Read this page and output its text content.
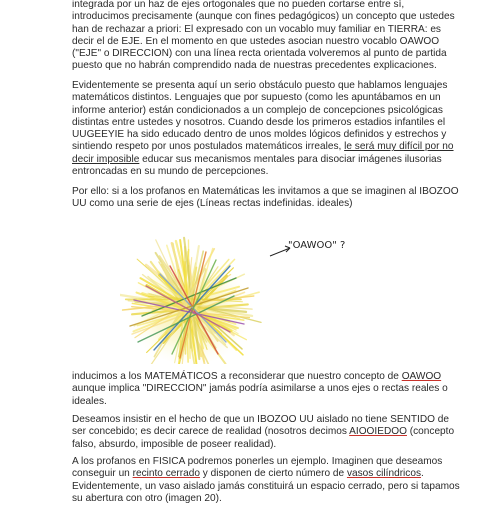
integrada por un haz de ejes ortogonales que no pueden cortarse entre sí,
introducimos precisamente (aunque con fines pedagógicos) un concepto que ustedes
han de rechazar a priori: El expresado con un vocablo muy familiar en TIERRA: es
decir el de EJE. En el momento en que ustedes asocian nuestro vocablo OAWOO
("EJE" o DIRECCION) con una línea recta orientada volveremos al punto de partida
puesto que no habrán comprendido nada de nuestras precedentes explicaciones.

Evidentemente se presenta aquí un serio obstáculo puesto que hablamos lenguajes
matemáticos distintos. Lenguajes que por supuesto (como les apuntábamos en un
informe anterior) están condicionados a un complejo de concepciones psicológicas
distintas entre ustedes y nosotros. Cuando desde los primeros estadios infantiles el
UUGEEYIE ha sido educado dentro de unos moldes lógicos definidos y estrechos y
sintiendo respeto por unos postulados matemáticos irreales, le será muy difícil por no
decir imposible educar sus mecanismos mentales para disociar imágenes ilusorias
entroncadas en su mundo de percepciones.

Por ello: si a los profanos en Matemáticas les invitamos a que se imaginen al IBOZOO
UU como una serie de ejes (Líneas rectas indefinidas. ideales)

"OAWOO" ?

inducimos a los MATEMÁTICOS a reconsiderar que nuestro concepto de OAWOO
aunque implica "DIRECCION" jamás podría asimilarse a unos ejes o rectas reales o
ideales.

Deseamos insistir en el hecho de que un IBOZOO UU aislado no tiene SENTIDO de
ser concebido; es decir carece de realidad (nosotros decimos AIOOIEDOO (concepto
falso, absurdo, imposible de poseer realidad).

A los profanos en FISICA podremos ponerles un ejemplo. Imaginen que deseamos
conseguir un recinto cerrado y disponen de cierto número de vasos cilíndricos.
Evidentemente, un vaso aislado jamás constituirá un espacio cerrado, pero si tapamos
su abertura con otro (imagen 20).
